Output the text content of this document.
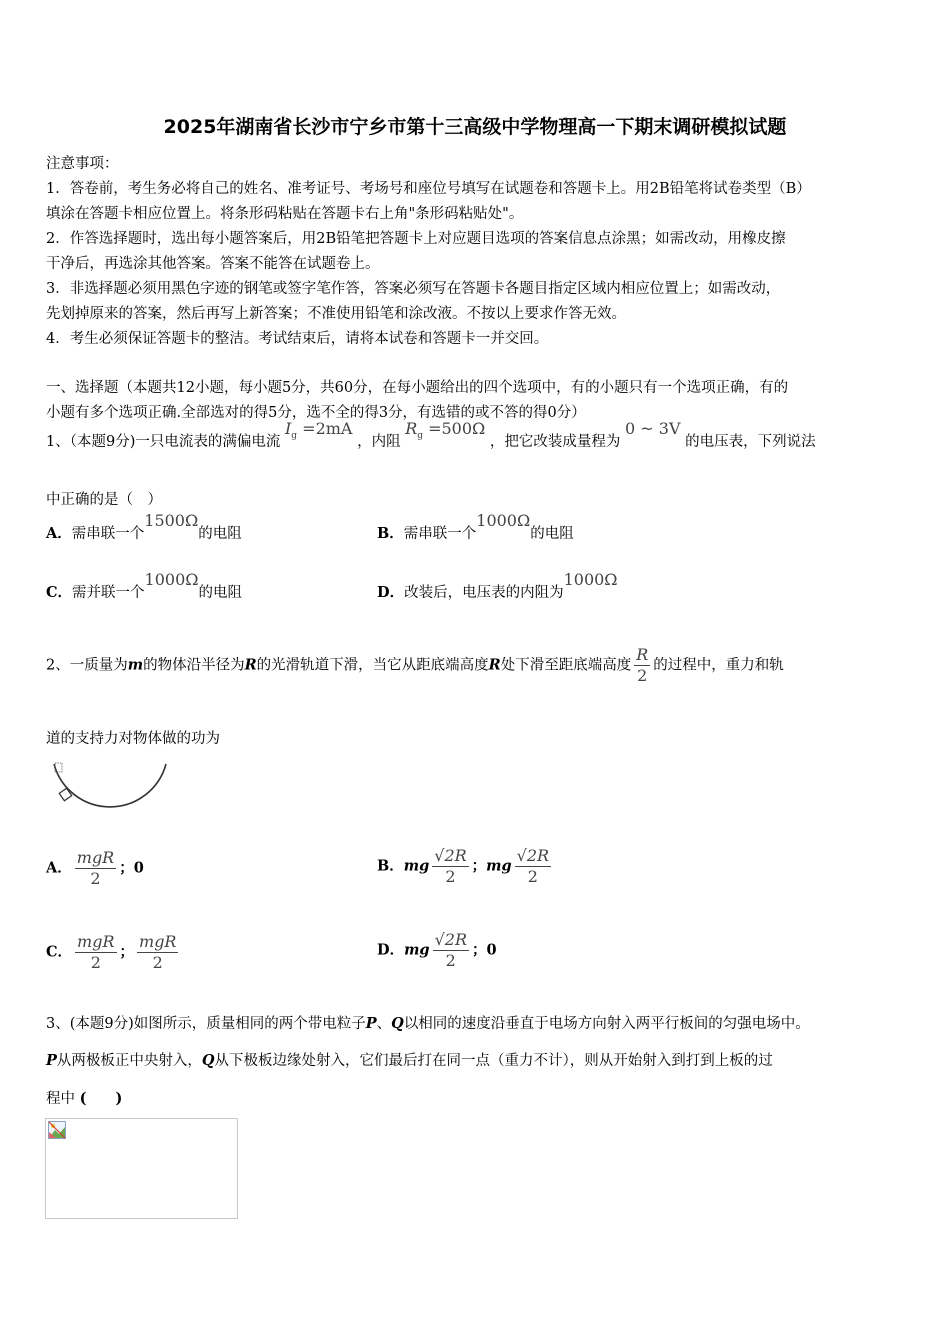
2025年湖南省长沙市宁乡市第十三高级中学物理高一下期末调研模拟试题
注意事项：
1．答卷前，考生务必将自己的姓名、准考证号、考场号和座位号填写在试题卷和答题卡上。用2B铅笔将试卷类型（B）
填涂在答题卡相应位置上。将条形码粘贴在答题卡右上角"条形码粘贴处"。
2．作答选择题时，选出每小题答案后，用2B铅笔把答题卡上对应题目选项的答案信息点涂黑；如需改动，用橡皮擦
干净后，再选涂其他答案。答案不能答在试题卷上。
3．非选择题必须用黑色字迹的钢笔或签字笔作答，答案必须写在答题卡各题目指定区域内相应位置上；如需改动，
先划掉原来的答案，然后再写上新答案；不准使用铅笔和涂改液。不按以上要求作答无效。
4．考生必须保证答题卡的整洁。考试结束后，请将本试卷和答题卡一并交回。
一、选择题（本题共12小题，每小题5分，共60分，在每小题给出的四个选项中，有的小题只有一个选项正确，有的
小题有多个选项正确.全部选对的得5分，选不全的得3分，有选错的或不答的得0分）
1、（本题9分)一只电流表的满偏电流 $I_g =2mA$ ，内阻 $R_g =500\Omega$ ，把它改装成量程为 0 ~ 3V 的电压表，下列说法
中正确的是（　）
A．需串联一个1500Ω的电阻	B．需串联一个1000Ω的电阻
C．需并联一个1000Ω的电阻	D．改装后，电压表的内阻为1000Ω
2、一质量为m的物体沿半径为R的光滑轨道下滑，当它从距底端高度R处下滑至距底端高度 $\frac{R}{2}$ 的过程中，重力和轨
道的支持力对物体做的功为
A． $\frac{\text{mgR}}{2}$ ；0	B．mg $\frac{√2R}{2}$ ；mg $\frac{√2R}{2}$
C． $\frac{\text{mgR}}{2}$ ； $\frac{\text{mgR}}{2}$	D．mg $\frac{√2R}{2}$ ；0
3、(本题9分)如图所示，质量相同的两个带电粒子P、Q以相同的速度沿垂直于电场方向射入两平行板间的匀强电场中。
P从两极板正中央射入，Q从下极板边缘处射入，它们最后打在同一点（重力不计），则从开始射入到打到上板的过
程中 (　　)
